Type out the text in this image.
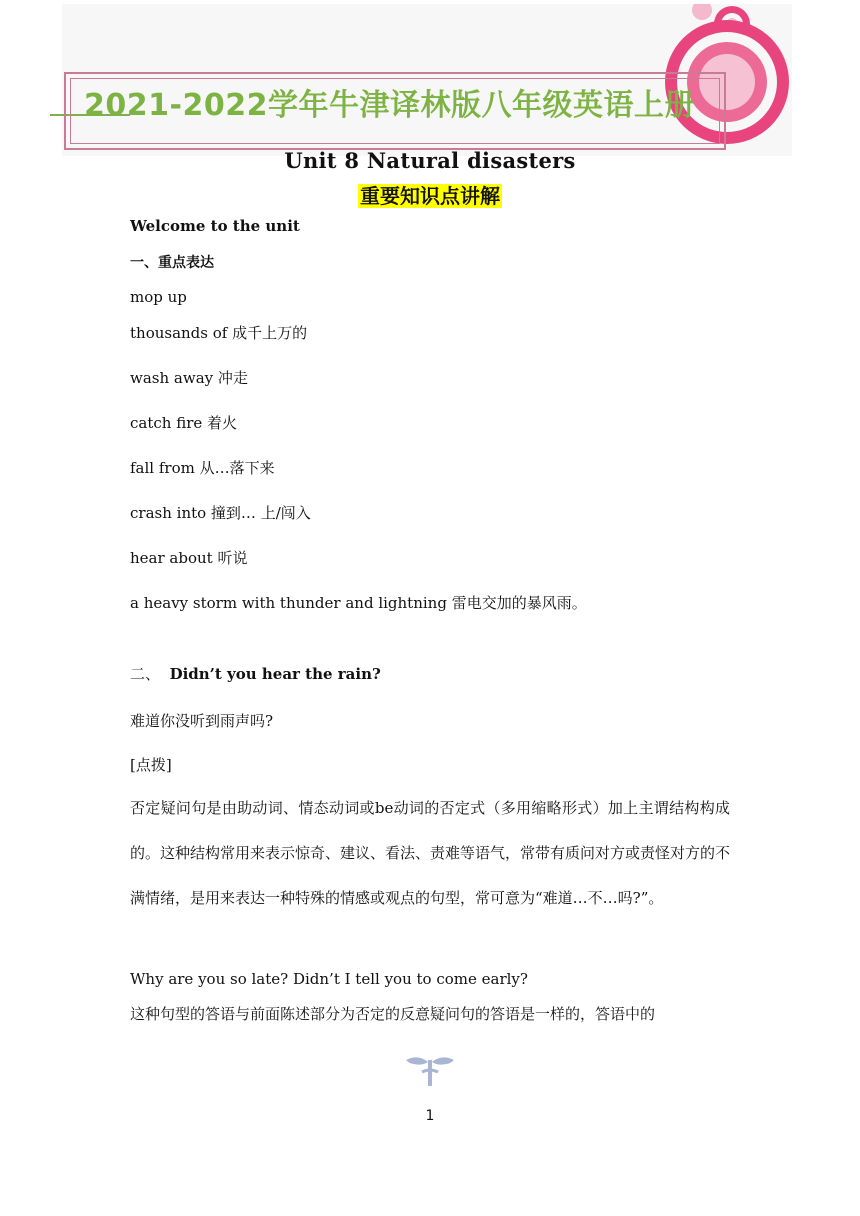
2021-2022学年牛津译林版八年级英语上册
Unit 8 Natural disasters
重要知识点讲解
Welcome to the unit
一、重点表达
mop up
thousands of 成千上万的
wash away 冲走
catch fire 着火
fall from 从…落下来
crash into 撞到… 上/闯入
hear about 听说
a heavy storm with thunder and lightning 雷电交加的暴风雨。
二、 Didn’t you hear the rain?
难道你没听到雨声吗?
[点拨]
否定疑问句是由助动词、情态动词或be动词的否定式（多用缩略形式）加上主谓结构构成的。这种结构常用来表示惊奇、建议、看法、责难等语气，常带有质问对方或责怪对方的不满情绪，是用来表达一种特殊的情感或观点的句型，常可意为“难道…不…吗?”。
Why are you so late? Didn’t I tell you to come early?
这种句型的答语与前面陈述部分为否定的反意疑问句的答语是一样的，答语中的
1
